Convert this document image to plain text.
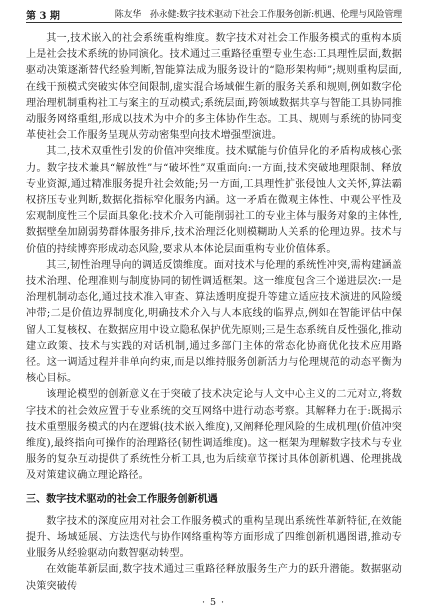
第 3 期	陈友华　孙永健:数字技术驱动下社会工作服务创新:机遇、伦理与风险管理

其一,技术嵌入的社会系统重构维度。数字技术对社会工作服务模式的重构本质上是社会技术系统的协同演化。技术通过三重路径重塑专业生态:工具理性层面,数据驱动决策逐渐替代经验判断,智能算法成为服务设计的“隐形架构师”;规则重构层面,在线干预模式突破实体空间限制,虚实混合场域催生新的服务关系和规则,例如数字伦理治理机制重构社工与案主的互动模式;系统层面,跨领域数据共享与智能工具协同推动服务网络重组,形成以技术为中介的多主体协作生态。工具、规则与系统的协同变革使社会工作服务呈现从劳动密集型向技术增强型演进。

其二,技术双重性引发的价值冲突维度。技术赋能与价值异化的矛盾构成核心张力。数字技术兼具“解放性”与“破坏性”双重面向:一方面,技术突破地理限制、释放专业资源,通过精准服务提升社会效能;另一方面,工具理性扩张侵蚀人文关怀,算法霸权挤压专业判断,数据化指标窄化服务内涵。这一矛盾在微观主体性、中观公平性及宏观制度性三个层面具象化:技术介入可能削弱社工的专业主体与服务对象的主体性,数据壁垒加剧弱势群体服务排斥,技术治理泛化则模糊助人关系的伦理边界。技术与价值的持续博弈形成动态风险,要求从本体论层面重构专业价值体系。

其三,韧性治理导向的调适反馈维度。面对技术与伦理的系统性冲突,需构建涵盖技术治理、伦理准则与制度协同的韧性调适框架。这一维度包含三个递进层次:一是治理机制动态化,通过技术准入审查、算法透明度提升等建立适应技术演进的风险缓冲带;二是价值边界制度化,明确技术介入与人本底线的临界点,例如在智能评估中保留人工复核权、在数据应用中设立隐私保护优先原则;三是生态系统自反性强化,推动建立政策、技术与实践的对话机制,通过多部门主体的常态化协商优化技术应用路径。这一调适过程并非单向约束,而是以维持服务创新活力与伦理规范的动态平衡为核心目标。

该理论模型的创新意义在于突破了技术决定论与人文中心主义的二元对立,将数字技术的社会效应置于专业系统的交互网络中进行动态考察。其解释力在于:既揭示技术重塑服务模式的内在逻辑(技术嵌入维度),又阐释伦理风险的生成机理(价值冲突维度),最终指向可操作的治理路径(韧性调适维度)。这一框架为理解数字技术与专业服务的复杂互动提供了系统性分析工具,也为后续章节探讨具体创新机遇、伦理挑战及对策建议确立理论路径。

三、数字技术驱动的社会工作服务创新机遇

数字技术的深度应用对社会工作服务模式的重构呈现出系统性革新特征,在效能提升、场域延展、方法迭代与协作网络重构等方面形成了四维创新机遇图谱,推动专业服务从经验驱动向数智驱动转型。

在效能革新层面,数字技术通过三重路径释放服务生产力的跃升潜能。数据驱动决策突破传

· 5 ·
